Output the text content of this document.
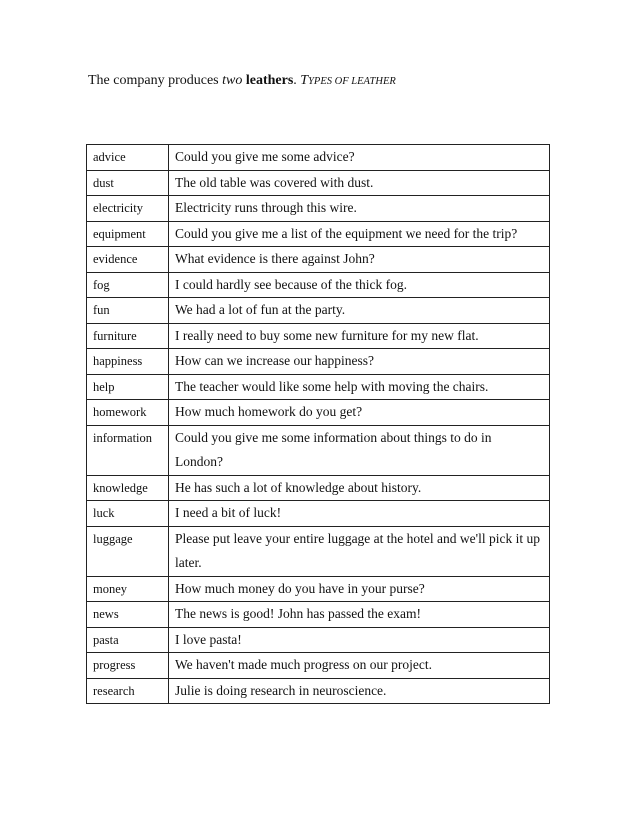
The company produces two leathers. TYPES OF LEATHER
advice	Could you give me some advice?
dust	The old table was covered with dust.
electricity	Electricity runs through this wire.
equipment	Could you give me a list of the equipment we need for the trip?
evidence	What evidence is there against John?
fog	I could hardly see because of the thick fog.
fun	We had a lot of fun at the party.
furniture	I really need to buy some new furniture for my new flat.
happiness	How can we increase our happiness?
help	The teacher would like some help with moving the chairs.
homework	How much homework do you get?
information	Could you give me some information about things to do in London?
knowledge	He has such a lot of knowledge about history.
luck	I need a bit of luck!
luggage	Please put leave your entire luggage at the hotel and we'll pick it up later.
money	How much money do you have in your purse?
news	The news is good! John has passed the exam!
pasta	I love pasta!
progress	We haven't made much progress on our project.
research	Julie is doing research in neuroscience.
